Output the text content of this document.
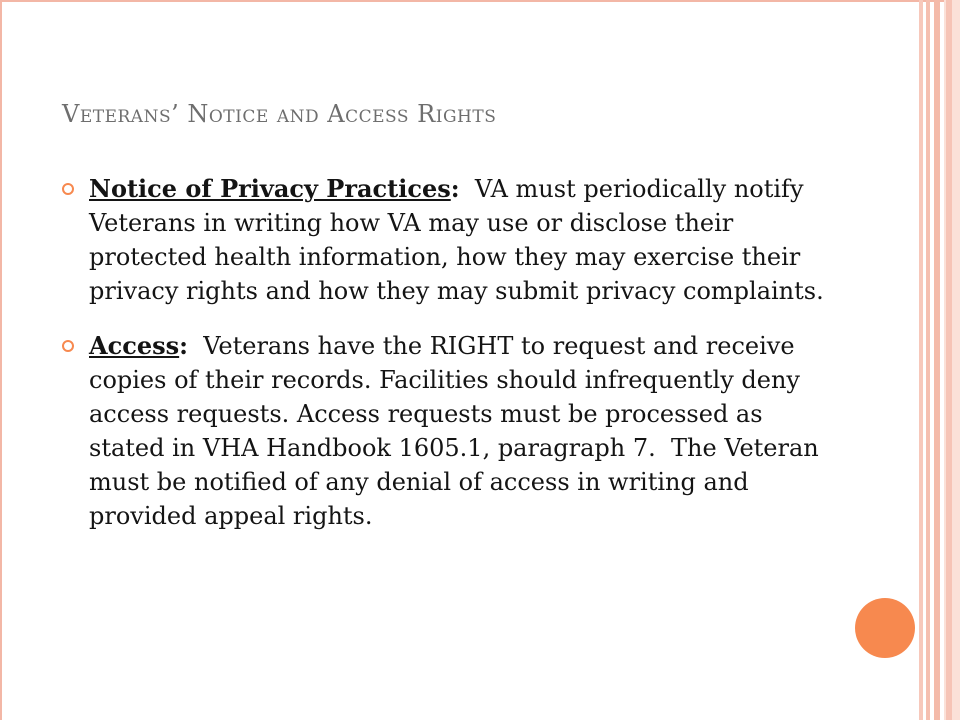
Veterans’ Notice and Access Rights
Notice of Privacy Practices:  VA must periodically notify Veterans in writing how VA may use or disclose their protected health information, how they may exercise their privacy rights and how they may submit privacy complaints.
Access:  Veterans have the RIGHT to request and receive copies of their records. Facilities should infrequently deny access requests. Access requests must be processed as stated in VHA Handbook 1605.1, paragraph 7.  The Veteran must be notified of any denial of access in writing and provided appeal rights.
